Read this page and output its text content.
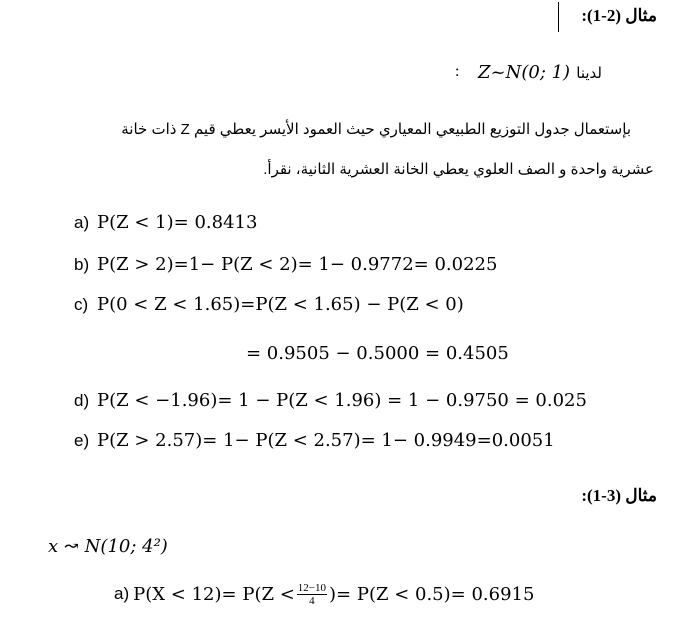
مثال (2-1):
: Z~N(0; 1) لدينا
بإستعمال جدول التوزيع الطبيعي المعياري حيث العمود الأيسر يعطي قيم Z ذات خانة
عشرية واحدة و الصف العلوي يعطي الخانة العشرية الثانية، نقرأ.
a) P(Z < 1)= 0.8413
b) P(Z > 2)=1− P(Z < 2)= 1− 0.9772= 0.0225
c) P(0 < Z < 1.65)=P(Z < 1.65) − P(Z < 0)
= 0.9505 − 0.5000 = 0.4505
d) P(Z < −1.96)= 1 − P(Z < 1.96) = 1 − 0.9750 = 0.025
e) P(Z > 2.57)= 1− P(Z < 2.57)= 1− 0.9949=0.0051
مثال (3-1):
x ↝ N(10; 4²)
a) $P(X < 12)= P(Z < \frac{12-10}{4}$ )= P(Z < 0.5)= 0.6915
